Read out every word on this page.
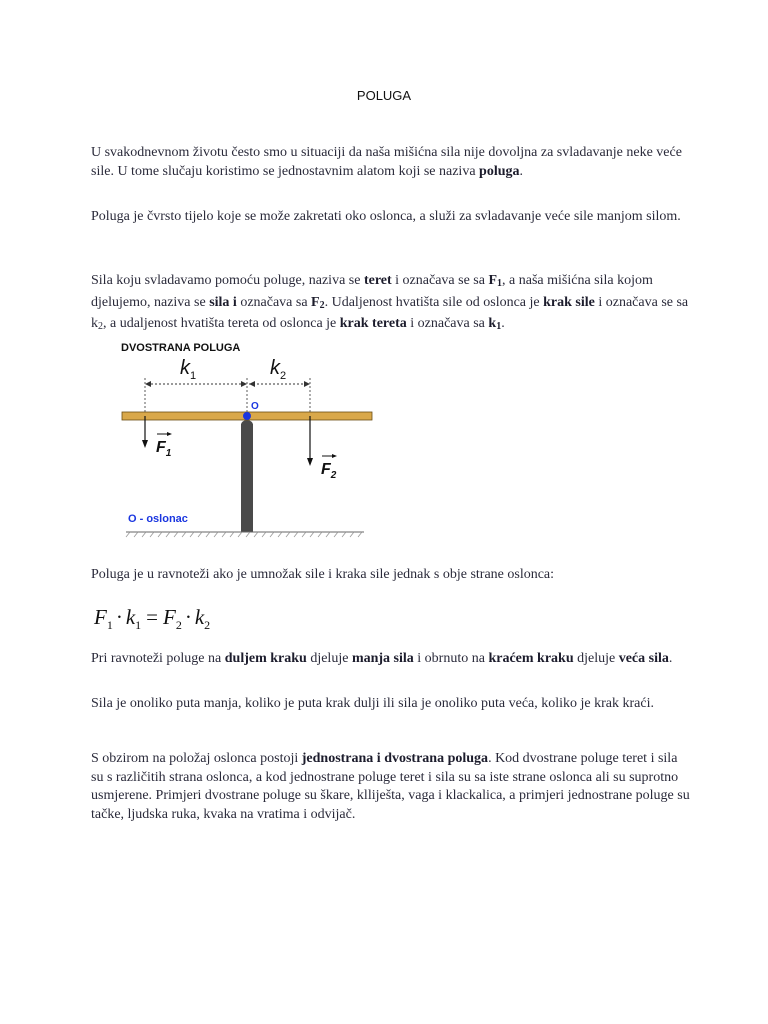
POLUGA

U svakodnevnom životu često smo u situaciji da naša mišićna sila nije dovoljna za svladavanje neke veće sile. U tome slučaju koristimo se jednostavnim alatom koji se naziva poluga.

Poluga je čvrsto tijelo koje se može zakretati oko oslonca, a služi za svladavanje veće sile manjom silom.

Sila koju svladavamo pomoću poluge, naziva se teret i označava se sa $F_1$, a naša mišićna sila kojom djelujemo, naziva se sila i označava sa $F_2$. Udaljenost hvatišta sile od oslonca je krak sile i označava se sa $k_2$, a udaljenost hvatišta tereta od oslonca je krak tereta i označava sa $k_1$.

DVOSTRANA POLUGA
$k_1$	$k_2$
O
$F_1$
$F_2$
O - oslonac

Poluga je u ravnoteži ako je umnožak sile i kraka sile jednak s obje strane oslonca:

$F_1 \cdot k_1 = F_2 \cdot k_2$

Pri ravnoteži poluge na duljem kraku djeluje manja sila i obrnuto na kraćem kraku djeluje veća sila.

Sila je onoliko puta manja, koliko je puta krak dulji ili sila je onoliko puta veća, koliko je krak kraći.

S obzirom na položaj oslonca postoji jednostrana i dvostrana poluga. Kod dvostrane poluge teret i sila su s različitih strana oslonca, a kod jednostrane poluge teret i sila su sa iste strane oslonca ali su suprotno usmjerene. Primjeri dvostrane poluge su škare, klliješta, vaga i klackalica, a primjeri jednostrane poluge su tačke, ljudska ruka, kvaka na vratima i odvijač.
